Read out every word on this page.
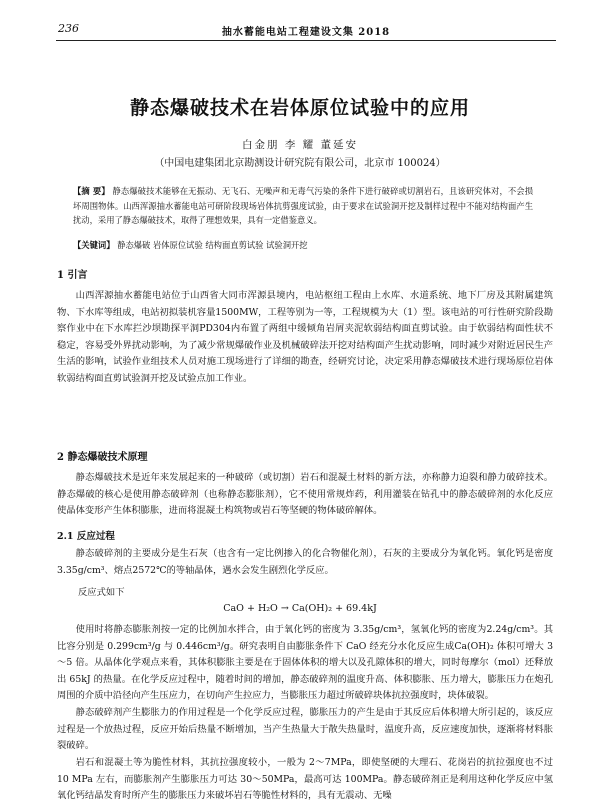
236	抽水蓄能电站工程建设文集 2018
静态爆破技术在岩体原位试验中的应用
白金朋 李 耀 董延安
（中国电建集团北京勘测设计研究院有限公司，北京市 100024）
【摘 要】 静态爆破技术能够在无振动、无飞石、无噪声和无毒气污染的条件下进行破碎或切割岩石，且该研究体对，不会损坏周围物体。山西浑源抽水蓄能电站可研阶段现场岩体抗剪强度试验，由于要求在试验洞开挖及制样过程中不能对结构面产生扰动，采用了静态爆破技术，取得了理想效果，具有一定借鉴意义。
【关键词】 静态爆破 岩体原位试验 结构面直剪试验 试验洞开挖
1 引言
山西浑源抽水蓄能电站位于山西省大同市浑源县境内，电站枢纽工程由上水库、水道系统、地下厂房及其附属建筑物、下水库等组成，电站初拟装机容量1500MW，工程等别为一等，工程规模为大（1）型。该电站的可行性研究阶段勘察作业中在下水库拦沙坝勘探平洞PD304内布置了两组中缓倾角岩屑夹泥软弱结构面直剪试验。由于软弱结构面性状不稳定，容易受外界扰动影响，为了减少常规爆破作业及机械破碎法开挖对结构面产生扰动影响，同时减少对附近居民生产生活的影响，试验作业组技术人员对施工现场进行了详细的勘查，经研究讨论，决定采用静态爆破技术进行现场原位岩体软弱结构面直剪试验洞开挖及试验点加工作业。
2 静态爆破技术原理
静态爆破技术是近年来发展起来的一种破碎（或切割）岩石和混凝土材料的新方法，亦称静力迫裂和静力破碎技术。静态爆破的核心是使用静态破碎剂（也称静态膨胀剂），它不使用常规炸药，利用灌装在钻孔中的静态破碎剂的水化反应使晶体变形产生体积膨胀，进而将混凝土构筑物或岩石等坚硬的物体破碎解体。
2.1 反应过程
静态破碎剂的主要成分是生石灰（也含有一定比例掺入的化合物催化剂），石灰的主要成分为氧化钙。氧化钙是密度3.35g/cm³、熔点2572℃的等轴晶体，遇水会发生剧烈化学反应。
反应式如下
CaO + H₂O → Ca(OH)₂ + 69.4kJ
使用时将静态膨胀剂按一定的比例加水拌合，由于氧化钙的密度为 3.35g/cm³，氢氧化钙的密度为2.24g/cm³。其比容分别是 0.299cm³/g 与 0.446cm³/g。研究表明自由膨胀条件下 CaO 经充分水化反应生成Ca(OH)₂ 体积可增大 3～5 倍。从晶体化学观点来看，其体积膨胀主要是在于固体体积的增大以及孔隙体积的增大，同时每摩尔（mol）还释放出 65kJ 的热量。在化学反应过程中，随着时间的增加，静态破碎剂的温度升高、体积膨胀、压力增大，膨胀压力在炮孔周围的介质中沿径向产生压应力，在切向产生拉应力，当膨胀压力超过所破碎块体抗拉强度时，块体破裂。
静态破碎剂产生膨胀力的作用过程是一个化学反应过程，膨胀压力的产生是由于其反应后体积增大所引起的，该反应过程是一个放热过程，反应开始后热量不断增加，当产生热量大于散失热量时，温度升高，反应速度加快，逐渐将材料胀裂破碎。
岩石和混凝土等为脆性材料，其抗拉强度较小，一般为 2～7MPa，即使坚硬的大理石、花岗岩的抗拉强度也不过 10 MPa 左右，而膨胀剂产生膨胀压力可达 30～50MPa，最高可达 100MPa。静态破碎剂正是利用这种化学反应中氢氧化钙结晶发育时所产生的膨胀压力来破坏岩石等脆性材料的，具有无震动、无噪
